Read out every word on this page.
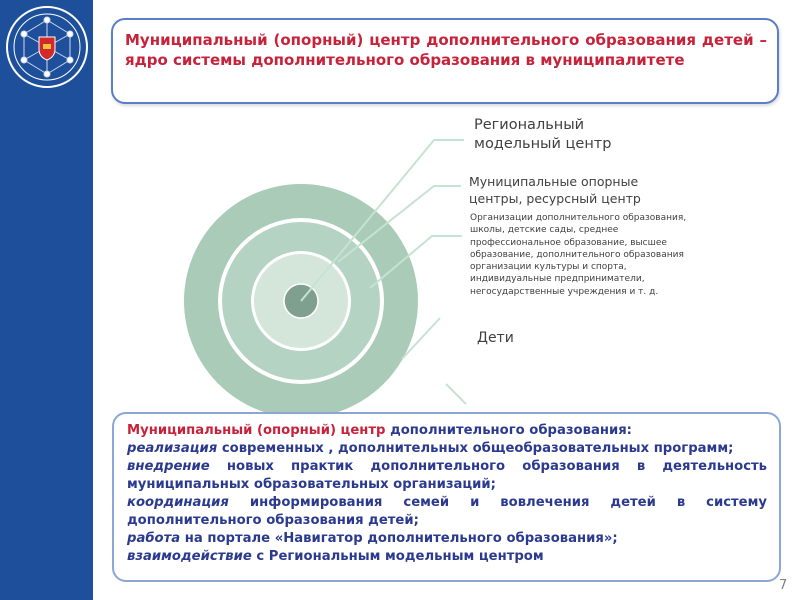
Муниципальный (опорный) центр дополнительного образования детей – ядро системы дополнительного образования в муниципалитете
Региональный модельный центр
Муниципальные опорные центры, ресурсный центр
Организации дополнительного образования, школы, детские сады, среднее профессиональное образование, высшее образование, дополнительного образования организации культуры и спорта, индивидуальные предприниматели, негосударственные учреждения и т. д.
Дети
Муниципальный (опорный) центр дополнительного образования:
реализация современных , дополнительных общеобразовательных программ;
внедрение новых практик дополнительного образования в деятельность муниципальных образовательных организаций;
координация информирования семей и вовлечения детей в систему дополнительного образования детей;
работа на портале «Навигатор дополнительного образования»;
взаимодействие с Региональным модельным центром
7
